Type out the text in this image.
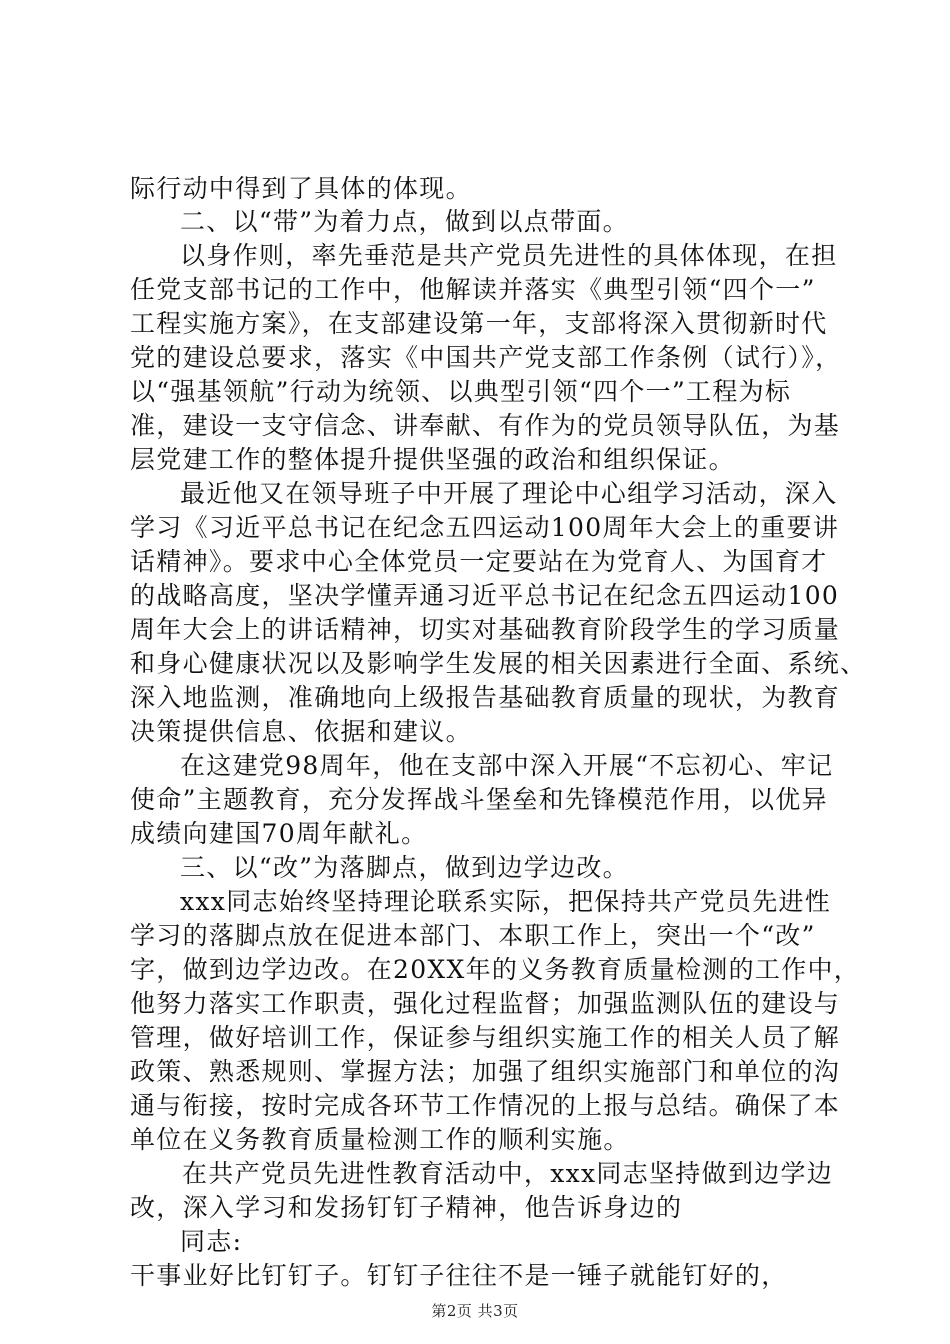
际行动中得到了具体的体现。
二、以“带”为着力点，做到以点带面。
以身作则，率先垂范是共产党员先进性的具体体现，在担
任党支部书记的工作中，他解读并落实《典型引领“四个一”
工程实施方案》，在支部建设第一年，支部将深入贯彻新时代
党的建设总要求，落实《中国共产党支部工作条例（试行）》，
以“强基领航”行动为统领、以典型引领“四个一”工程为标
准，建设一支守信念、讲奉献、有作为的党员领导队伍，为基
层党建工作的整体提升提供坚强的政治和组织保证。
最近他又在领导班子中开展了理论中心组学习活动，深入
学习《习近平总书记在纪念五四运动100周年大会上的重要讲
话精神》。要求中心全体党员一定要站在为党育人、为国育才
的战略高度，坚决学懂弄通习近平总书记在纪念五四运动100
周年大会上的讲话精神，切实对基础教育阶段学生的学习质量
和身心健康状况以及影响学生发展的相关因素进行全面、系统、
深入地监测，准确地向上级报告基础教育质量的现状，为教育
决策提供信息、依据和建议。
在这建党98周年，他在支部中深入开展“不忘初心、牢记
使命”主题教育，充分发挥战斗堡垒和先锋模范作用，以优异
成绩向建国70周年献礼。
三、以“改”为落脚点，做到边学边改。
xxx同志始终坚持理论联系实际，把保持共产党员先进性
学习的落脚点放在促进本部门、本职工作上，突出一个“改”
字，做到边学边改。在20XX年的义务教育质量检测的工作中，
他努力落实工作职责，强化过程监督；加强监测队伍的建设与
管理，做好培训工作，保证参与组织实施工作的相关人员了解
政策、熟悉规则、掌握方法；加强了组织实施部门和单位的沟
通与衔接，按时完成各环节工作情况的上报与总结。确保了本
单位在义务教育质量检测工作的顺利实施。
在共产党员先进性教育活动中，xxx同志坚持做到边学边
改，深入学习和发扬钉钉子精神，他告诉身边的
同志:
干事业好比钉钉子。钉钉子往往不是一锤子就能钉好的，
第2页 共3页
